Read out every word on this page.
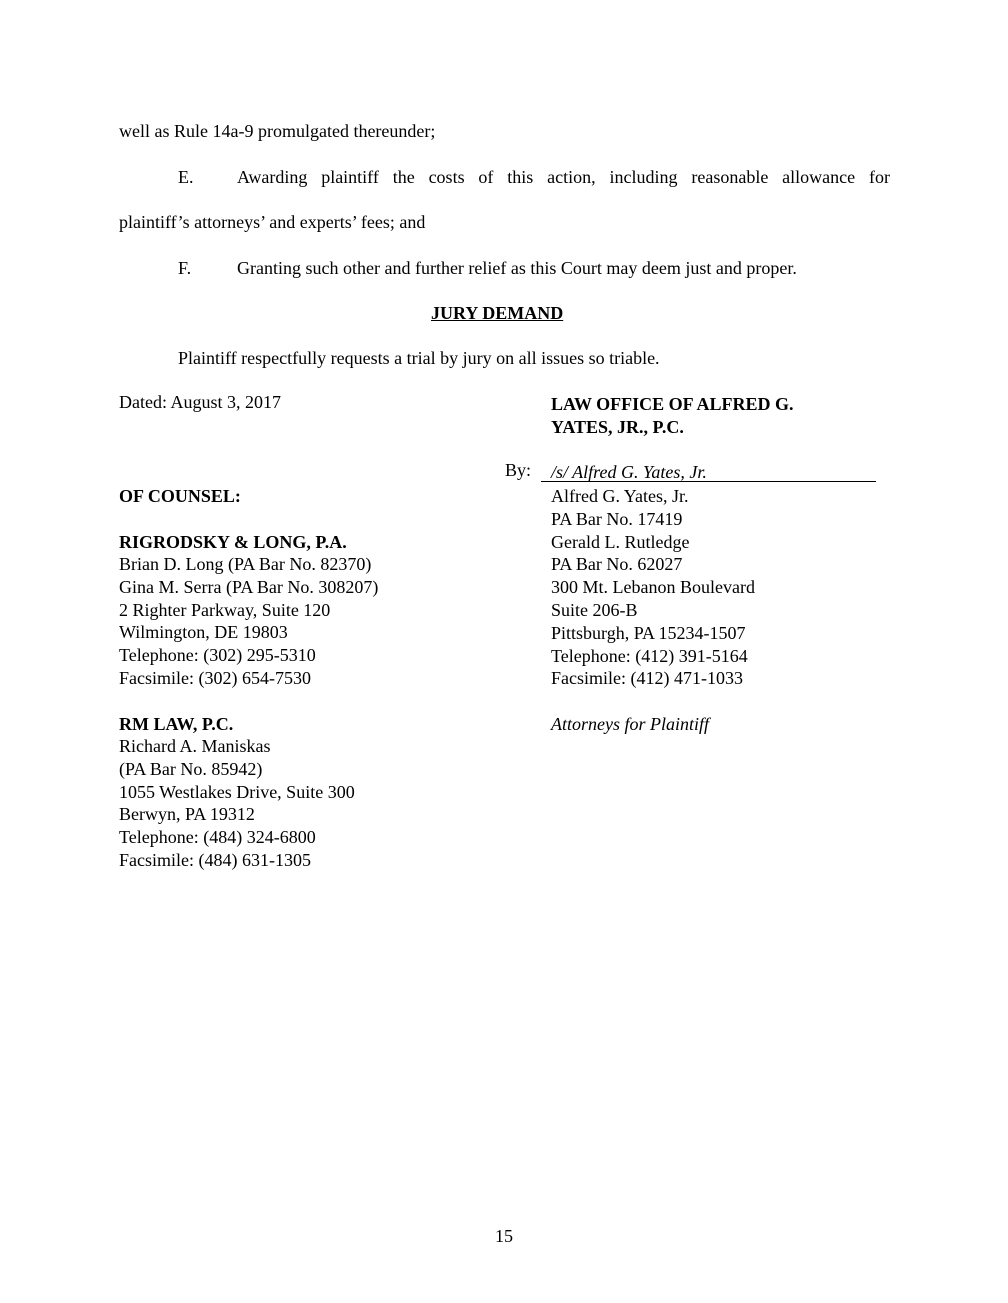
well as Rule 14a-9 promulgated thereunder;
E. Awarding plaintiff the costs of this action, including reasonable allowance for
plaintiff’s attorneys’ and experts’ fees; and
F.	Granting such other and further relief as this Court may deem just and proper.
JURY DEMAND
Plaintiff respectfully requests a trial by jury on all issues so triable.
Dated: August 3, 2017	LAW OFFICE OF ALFRED G.
YATES, JR., P.C.
By: /s/ Alfred G. Yates, Jr.
Alfred G. Yates, Jr.
PA Bar No. 17419
Gerald L. Rutledge
PA Bar No. 62027
300 Mt. Lebanon Boulevard
Suite 206-B
Pittsburgh, PA 15234-1507
Telephone: (412) 391-5164
Facsimile: (412) 471-1033
Attorneys for Plaintiff
OF COUNSEL:
RIGRODSKY & LONG, P.A.
Brian D. Long (PA Bar No. 82370)
Gina M. Serra (PA Bar No. 308207)
2 Righter Parkway, Suite 120
Wilmington, DE 19803
Telephone: (302) 295-5310
Facsimile: (302) 654-7530
RM LAW, P.C.
Richard A. Maniskas
(PA Bar No. 85942)
1055 Westlakes Drive, Suite 300
Berwyn, PA 19312
Telephone: (484) 324-6800
Facsimile: (484) 631-1305
15
